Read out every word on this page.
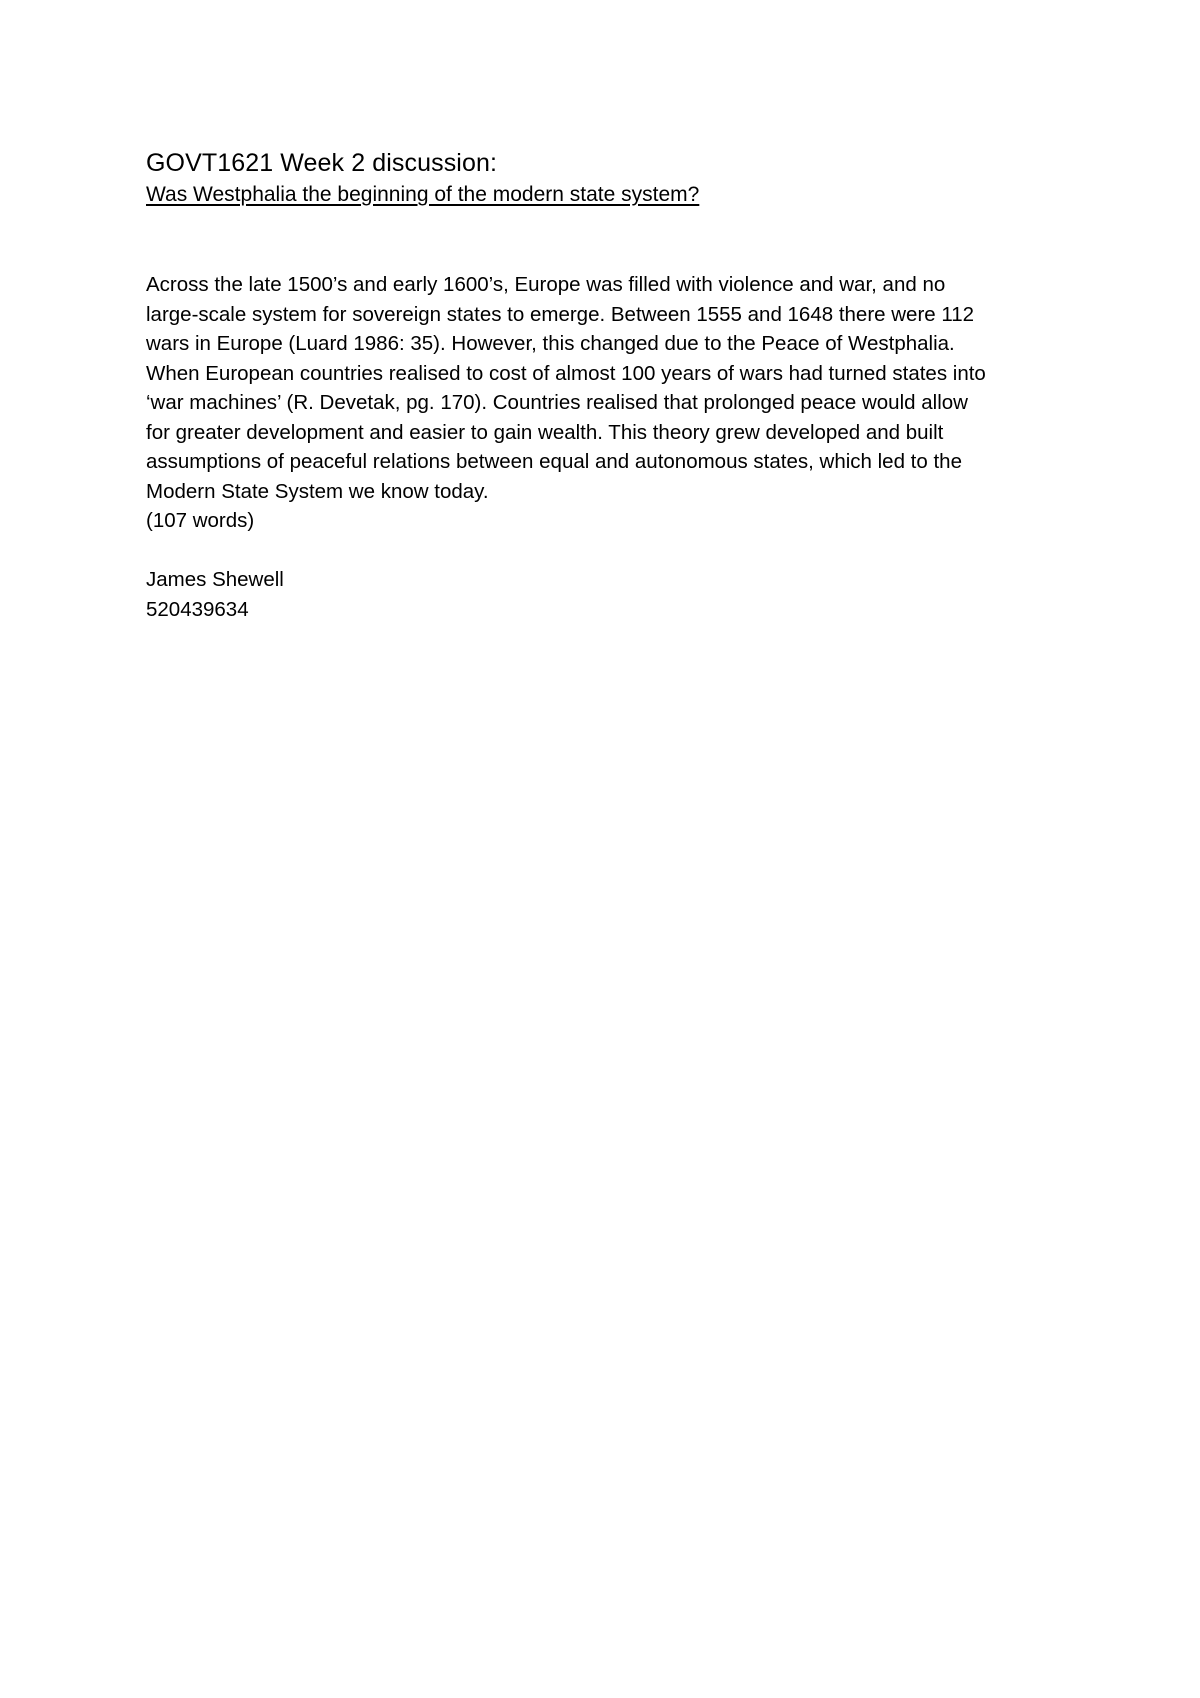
GOVT1621 Week 2 discussion:
Was Westphalia the beginning of the modern state system?
Across the late 1500’s and early 1600’s, Europe was filled with violence and war, and no
large-scale system for sovereign states to emerge. Between 1555 and 1648 there were 112
wars in Europe (Luard 1986: 35). However, this changed due to the Peace of Westphalia.
When European countries realised to cost of almost 100 years of wars had turned states into
‘war machines’ (R. Devetak, pg. 170). Countries realised that prolonged peace would allow
for greater development and easier to gain wealth. This theory grew developed and built
assumptions of peaceful relations between equal and autonomous states, which led to the
Modern State System we know today.
(107 words)
James Shewell
520439634
